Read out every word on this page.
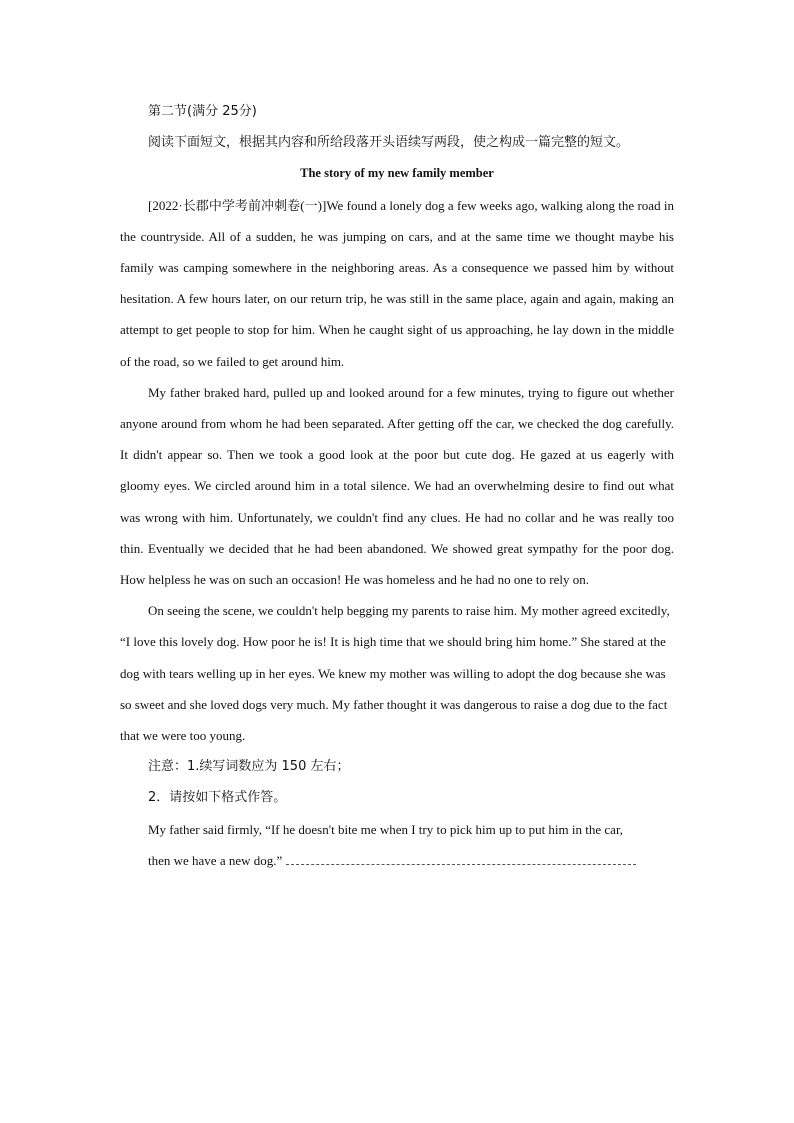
第二节(满分 25分)

阅读下面短文，根据其内容和所给段落开头语续写两段，使之构成一篇完整的短文。

The story of my new family member

[2022·长郡中学考前冲刺卷(一)]We found a lonely dog a few weeks ago, walking along the road in the countryside. All of a sudden, he was jumping on cars, and at the same time we thought maybe his family was camping somewhere in the neighboring areas. As a consequence we passed him by without hesitation. A few hours later, on our return trip, he was still in the same place, again and again, making an attempt to get people to stop for him. When he caught sight of us approaching, he lay down in the middle of the road, so we failed to get around him.

My father braked hard, pulled up and looked around for a few minutes, trying to figure out whether anyone around from whom he had been separated. After getting off the car, we checked the dog carefully. It didn't appear so. Then we took a good look at the poor but cute dog. He gazed at us eagerly with gloomy eyes. We circled around him in a total silence. We had an overwhelming desire to find out what was wrong with him. Unfortunately, we couldn't find any clues. He had no collar and he was really too thin. Eventually we decided that he had been abandoned. We showed great sympathy for the poor dog. How helpless he was on such an occasion! He was homeless and he had no one to rely on.

On seeing the scene, we couldn't help begging my parents to raise him. My mother agreed excitedly, “I love this lovely dog. How poor he is! It is high time that we should bring him home.” She stared at the dog with tears welling up in her eyes. We knew my mother was willing to adopt the dog because she was so sweet and she loved dogs very much. My father thought it was dangerous to raise a dog due to the fact that we were too young.

注意：1.续写词数应为 150 左右；

2．请按如下格式作答。

My father said firmly, “If he doesn't bite me when I try to pick him up to put him in the car,

then we have a new dog.”
